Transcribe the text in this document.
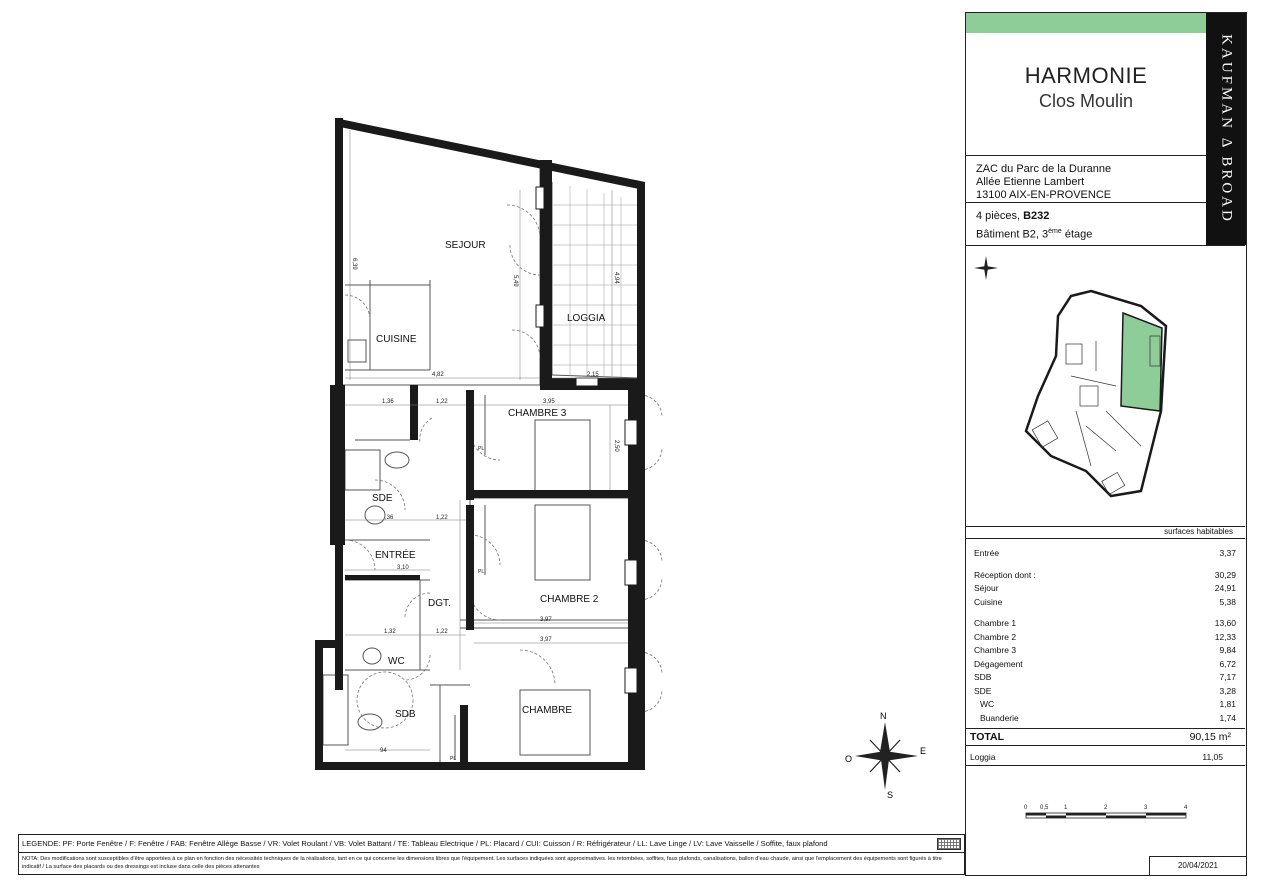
PL
PL
PL
SEJOUR
CUISINE
LOGGIA
CHAMBRE 3
CHAMBRE 2
CHAMBRE
SDE
ENTRÉE
DGT.
WC
SDB
4,82	2,15
3,95
1,36	1,22
,36	1,22
3,10
1,32	1,22
3,97
3,97
94
6,39
5,49	4,94
2,50
N
S
E
O
HARMONIE
Clos Moulin	KAUFMAN Δ BROAD
ZAC du Parc de la Duranne
Allée Etienne Lambert
13100 AIX-EN-PROVENCE
4 pièces, B232
Bâtiment B2, 3ème étage
surfaces habitables
Entrée	3,37
Réception dont :	30,29
Séjour	24,91
Cuisine	5,38
Chambre 1	13,60
Chambre 2	12,33
Chambre 3	9,84
Dégagement	6,72
SDB	7,17
SDE	3,28
WC	1,81
Buanderie	1,74
TOTAL	90,15 m²
Loggia	11,05
0 0,5	1	2	3	4
20/04/2021
LEGENDE: PF: Porte Fenêtre / F: Fenêtre / FAB: Fenêtre Allège Basse / VR: Volet Roulant / VB: Volet Battant / TE: Tableau Electrique / PL: Placard / CUI: Cuisson / R: Réfrigérateur / LL: Lave Linge / LV: Lave Vaisselle / Soffite, faux plafond
NOTA: Des modifications sont susceptibles d'être apportées à ce plan en fonction des nécessités techniques de la réalisations, tant en ce qui concerne les dimensions libres que l'équipement. Les surfaces indiquées sont approximatives. les retombées, soffites, faux plafonds, canalisations, ballon d'eau chaude, ainsi que l'emplacement des équipements sont figurés à titre indicatif / La surface des placards ou des dressings est incluse dans celle des pièces attenantes
